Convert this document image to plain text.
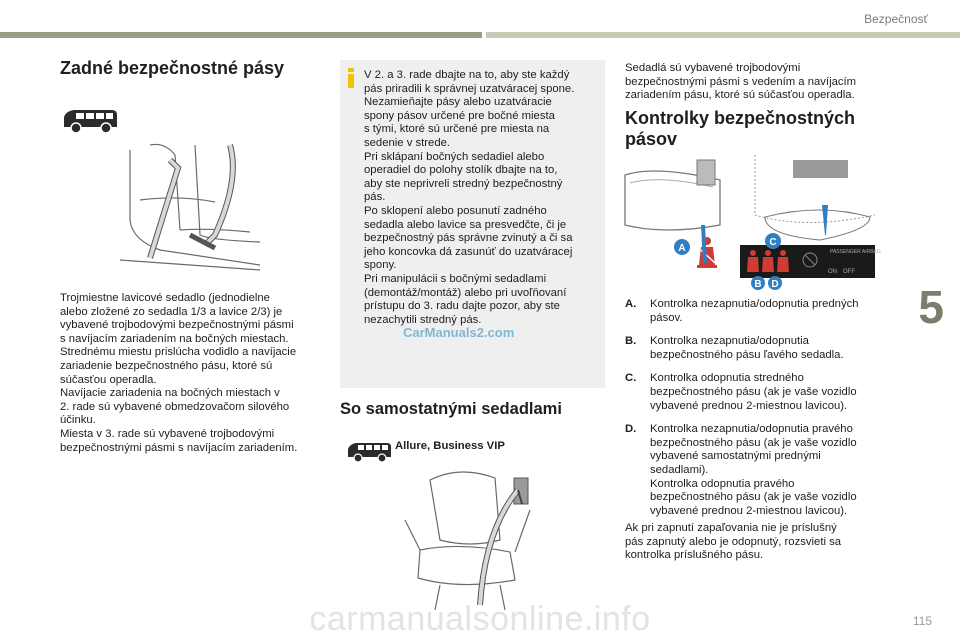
Bezpečnosť
5
Zadné bezpečnostné pásy
Trojmiestne lavicové sedadlo (jednodielne
alebo zložené zo sedadla 1/3 a lavice 2/3) je
vybavené trojbodovými bezpečnostnými pásmi
s navíjacím zariadením na bočných miestach.
Strednému miestu prislúcha vodidlo a navíjacie
zariadenie bezpečnostného pásu, ktoré sú
súčasťou operadla.
Navíjacie zariadenia na bočných miestach v
2. rade sú vybavené obmedzovačom silového
účinku.
Miesta v 3. rade sú vybavené trojbodovými
bezpečnostnými pásmi s navíjacím zariadením.
V 2. a 3. rade dbajte na to, aby ste každý
pás priradili k správnej uzatváracej spone.
Nezamieňajte pásy alebo uzatváracie
spony pásov určené pre bočné miesta
s tými, ktoré sú určené pre miesta na
sedenie v strede.
Pri sklápaní bočných sedadiel alebo
operadiel do polohy stolík dbajte na to,
aby ste neprivreli stredný bezpečnostný
pás.
Po sklopení alebo posunutí zadného
sedadla alebo lavice sa presvedčte, či je
bezpečnostný pás správne zvinutý a či sa
jeho koncovka dá zasunúť do uzatváracej
spony.
Pri manipulácii s bočnými sedadlami
(demontáž/montáž) alebo pri uvoľňovaní
prístupu do 3. radu dajte pozor, aby ste
nezachytili stredný pás.
CarManuals2.com
So samostatnými sedadlami
Allure, Business VIP
Sedadlá sú vybavené trojbodovými
bezpečnostnými pásmi s vedením a navíjacím
zariadením pásu, ktoré sú súčasťou operadla.
Kontrolky bezpečnostných pásov
PASSENGER AIRBAG
ON OFF
A
C
B D
A.	Kontrolka nezapnutia/odopnutia predných
pásov.
B.	Kontrolka nezapnutia/odopnutia
bezpečnostného pásu ľavého sedadla.
C.	Kontrolka odopnutia stredného
bezpečnostného pásu (ak je vaše vozidlo
vybavené prednou 2-miestnou lavicou).
D.	Kontrolka nezapnutia/odopnutia pravého
bezpečnostného pásu (ak je vaše vozidlo
vybavené samostatnými prednými
sedadlami).
Kontrolka odopnutia pravého
bezpečnostného pásu (ak je vaše vozidlo
vybavené prednou 2-miestnou lavicou).
Ak pri zapnutí zapaľovania nie je príslušný
pás zapnutý alebo je odopnutý, rozsvieti sa
kontrolka príslušného pásu.
carmanualsonline.info	115
